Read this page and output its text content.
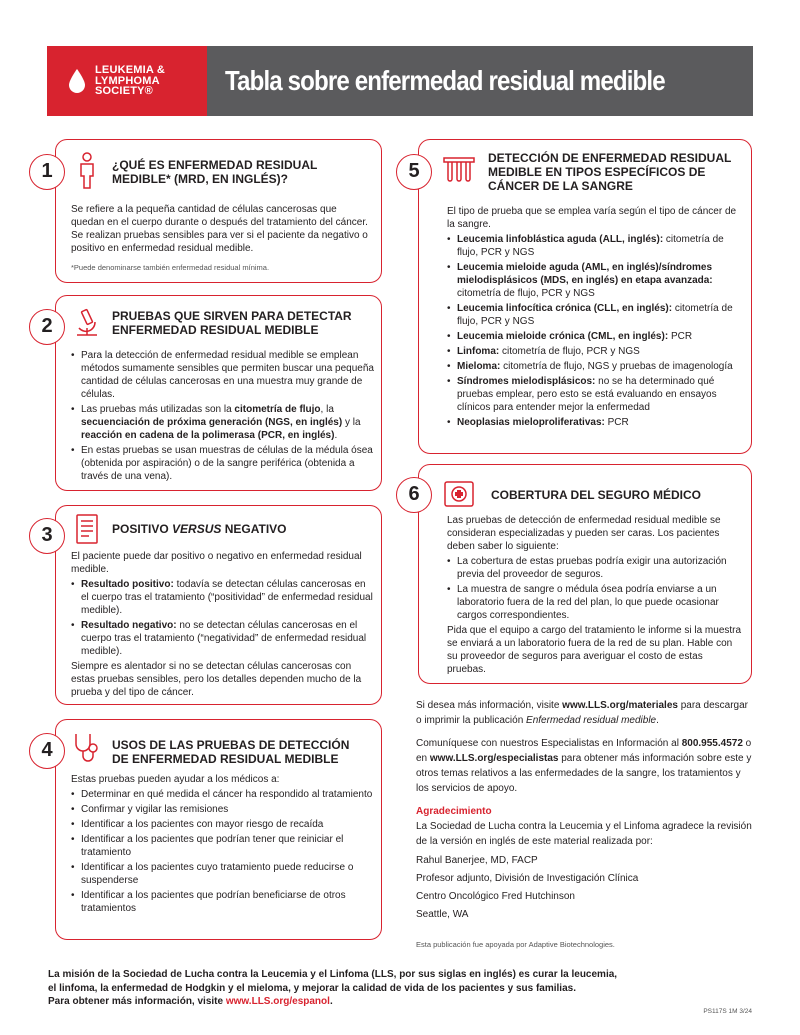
LEUKEMIA &
LYMPHOMA
SOCIETY®	Tabla sobre enfermedad residual medible
1	¿QUÉ ES ENFERMEDAD RESIDUAL MEDIBLE* (MRD, EN INGLÉS)?

Se refiere a la pequeña cantidad de células cancerosas que quedan en el cuerpo durante o después del tratamiento del cáncer. Se realizan pruebas sensibles para ver si el paciente da negativo o positivo en enfermedad residual medible.

*Puede denominarse también enfermedad residual mínima.
2	PRUEBAS QUE SIRVEN PARA DETECTAR ENFERMEDAD RESIDUAL MEDIBLE
• Para la detección de enfermedad residual medible se emplean métodos sumamente sensibles que permiten buscar una pequeña cantidad de células cancerosas en una muestra muy grande de células.
• Las pruebas más utilizadas son la citometría de flujo, la secuenciación de próxima generación (NGS, en inglés) y la reacción en cadena de la polimerasa (PCR, en inglés).
• En estas pruebas se usan muestras de células de la médula ósea (obtenida por aspiración) o de la sangre periférica (obtenida a través de una vena).
3	POSITIVO VERSUS NEGATIVO

El paciente puede dar positivo o negativo en enfermedad residual medible.

• Resultado positivo: todavía se detectan células cancerosas en el cuerpo tras el tratamiento (“positividad” de enfermedad residual medible).
• Resultado negativo: no se detectan células cancerosas en el cuerpo tras el tratamiento (“negatividad” de enfermedad residual medible).

Siempre es alentador si no se detectan células cancerosas con estas pruebas sensibles, pero los detalles dependen mucho de la prueba y del tipo de cáncer.

4	USOS DE LAS PRUEBAS DE DETECCIÓN DE ENFERMEDAD RESIDUAL MEDIBLE

Estas pruebas pueden ayudar a los médicos a:

• Determinar en qué medida el cáncer ha respondido al tratamiento
• Confirmar y vigilar las remisiones
• Identificar a los pacientes con mayor riesgo de recaída
• Identificar a los pacientes que podrían tener que reiniciar el tratamiento
• Identificar a los pacientes cuyo tratamiento puede reducirse o suspenderse
• Identificar a los pacientes que podrían beneficiarse de otros tratamientos
5
DETECCIÓN DE ENFERMEDAD RESIDUAL MEDIBLE EN TIPOS ESPECÍFICOS DE CÁNCER DE LA SANGRE

El tipo de prueba que se emplea varía según el tipo de cáncer de la sangre.

• Leucemia linfoblástica aguda (ALL, inglés): citometría de flujo, PCR y NGS
• Leucemia mieloide aguda (AML, en inglés)/síndromes mielodisplásicos (MDS, en inglés) en etapa avanzada: citometría de flujo, PCR y NGS
• Leucemia linfocítica crónica (CLL, en inglés): citometría de flujo, PCR y NGS
• Leucemia mieloide crónica (CML, en inglés): PCR
• Linfoma: citometría de flujo, PCR y NGS
• Mieloma: citometría de flujo, NGS y pruebas de imagenología
• Síndromes mielodisplásicos: no se ha determinado qué pruebas emplear, pero esto se está evaluando en ensayos clínicos para entender mejor la enfermedad
• Neoplasias mieloproliferativas: PCR
6	COBERTURA DEL SEGURO MÉDICO

Las pruebas de detección de enfermedad residual medible se consideran especializadas y pueden ser caras. Los pacientes deben saber lo siguiente:

• La cobertura de estas pruebas podría exigir una autorización previa del proveedor de seguros.
• La muestra de sangre o médula ósea podría enviarse a un laboratorio fuera de la red del plan, lo que puede ocasionar cargos correspondientes.

Pida que el equipo a cargo del tratamiento le informe si la muestra se enviará a un laboratorio fuera de la red de su plan. Hable con su proveedor de seguros para averiguar el costo de estas pruebas.

Si desea más información, visite www.LLS.org/materiales para descargar o imprimir la publicación Enfermedad residual medible.

Comuníquese con nuestros Especialistas en Información al 800.955.4572 o en www.LLS.org/especialistas para obtener más información sobre este y otros temas relativos a las enfermedades de la sangre, los tratamientos y los servicios de apoyo.

Agradecimiento
La Sociedad de Lucha contra la Leucemia y el Linfoma agradece la revisión de la versión en inglés de este material realizada por:
Rahul Banerjee, MD, FACP
Profesor adjunto, División de Investigación Clínica
Centro Oncológico Fred Hutchinson
Seattle, WA
Esta publicación fue apoyada por Adaptive Biotechnologies.
La misión de la Sociedad de Lucha contra la Leucemia y el Linfoma (LLS, por sus siglas en inglés) es curar la leucemia,
el linfoma, la enfermedad de Hodgkin y el mieloma, y mejorar la calidad de vida de los pacientes y sus familias.
Para obtener más información, visite www.LLS.org/espanol.
PS117S 1M 3/24
